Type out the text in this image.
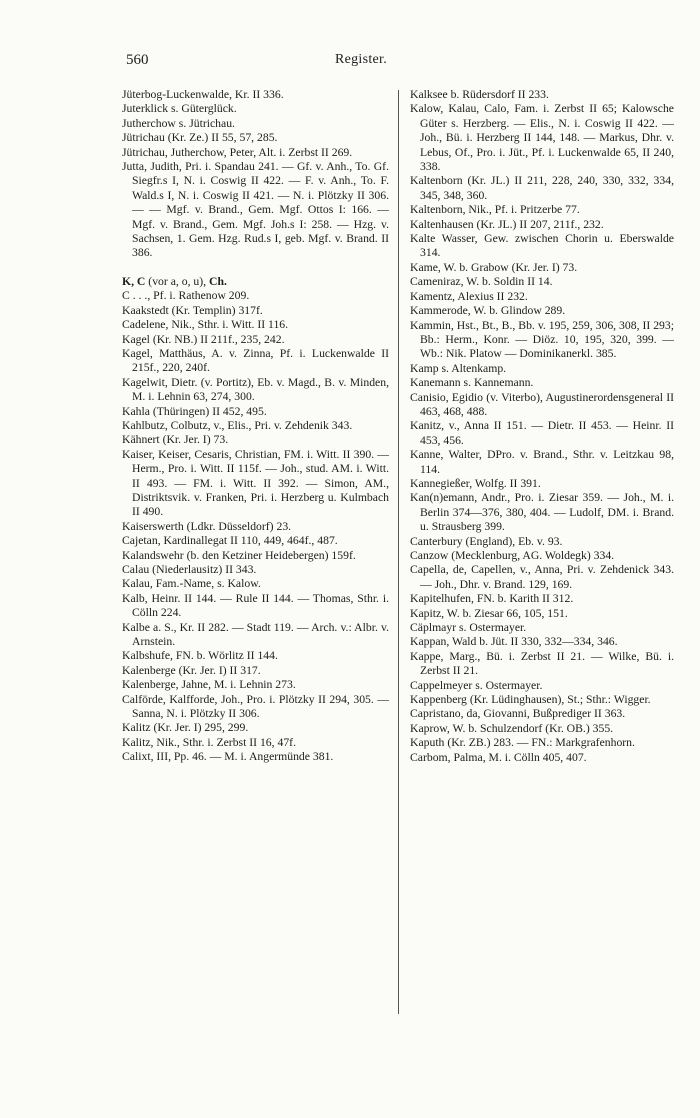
560	Register.

Jüterbog-Luckenwalde, Kr. II 336.

Juterklick s. Güterglück.

Jutherchow s. Jütrichau.

Jütrichau (Kr. Ze.) II 55, 57, 285.

Jütrichau, Jutherchow, Peter, Alt. i. Zerbst II 269.

Jutta, Judith, Pri. i. Spandau 241. — Gf. v. Anh., To. Gf. Siegfr.s I, N. i. Coswig II 422. — F. v. Anh., To. F. Wald.s I, N. i. Coswig II 421. — N. i. Plötzky II 306. — — Mgf. v. Brand., Gem. Mgf. Ottos I: 166. — Mgf. v. Brand., Gem. Mgf. Joh.s I: 258. — Hzg. v. Sachsen, 1. Gem. Hzg. Rud.s I, geb. Mgf. v. Brand. II 386.

K, C (vor a, o, u), Ch.

C . . ., Pf. i. Rathenow 209.

Kaakstedt (Kr. Templin) 317f.

Cadelene, Nik., Sthr. i. Witt. II 116.

Kagel (Kr. NB.) II 211f., 235, 242.

Kagel, Matthäus, A. v. Zinna, Pf. i. Luckenwalde II 215f., 220, 240f.

Kagelwit, Dietr. (v. Portitz), Eb. v. Magd., B. v. Minden, M. i. Lehnin 63, 274, 300.

Kahla (Thüringen) II 452, 495.

Kahlbutz, Colbutz, v., Elis., Pri. v. Zehdenik 343.

Kähnert (Kr. Jer. I) 73.

Kaiser, Keiser, Cesaris, Christian, FM. i. Witt. II 390. — Herm., Pro. i. Witt. II 115f. — Joh., stud. AM. i. Witt. II 493. — FM. i. Witt. II 392. — Simon, AM., Distriktsvik. v. Franken, Pri. i. Herzberg u. Kulmbach II 490.

Kaiserswerth (Ldkr. Düsseldorf) 23.

Cajetan, Kardinallegat II 110, 449, 464f., 487.

Kalandswehr (b. den Ketziner Heidebergen) 159f.

Calau (Niederlausitz) II 343.

Kalau, Fam.-Name, s. Kalow.

Kalb, Heinr. II 144. — Rule II 144. — Thomas, Sthr. i. Cölln 224.

Kalbe a. S., Kr. II 282. — Stadt 119. — Arch. v.: Albr. v. Arnstein.

Kalbshufe, FN. b. Wörlitz II 144.

Kalenberge (Kr. Jer. I) II 317.

Kalenberge, Jahne, M. i. Lehnin 273.

Calförde, Kalfforde, Joh., Pro. i. Plötzky II 294, 305. — Sanna, N. i. Plötzky II 306.

Kalitz (Kr. Jer. I) 295, 299.

Kalitz, Nik., Sthr. i. Zerbst II 16, 47f.

Calixt, III, Pp. 46. — M. i. Angermünde 381.

Kalksee b. Rüdersdorf II 233.

Kalow, Kalau, Calo, Fam. i. Zerbst II 65; Kalowsche Güter s. Herzberg. — Elis., N. i. Coswig II 422. — Joh., Bü. i. Herzberg II 144, 148. — Markus, Dhr. v. Lebus, Of., Pro. i. Jüt., Pf. i. Luckenwalde 65, II 240, 338.

Kaltenborn (Kr. JL.) II 211, 228, 240, 330, 332, 334, 345, 348, 360.

Kaltenborn, Nik., Pf. i. Pritzerbe 77.

Kaltenhausen (Kr. JL.) II 207, 211f., 232.

Kalte Wasser, Gew. zwischen Chorin u. Eberswalde 314.

Kame, W. b. Grabow (Kr. Jer. I) 73.

Cameniraz, W. b. Soldin II 14.

Kamentz, Alexius II 232.

Kammerode, W. b. Glindow 289.

Kammin, Hst., Bt., B., Bb. v. 195, 259, 306, 308, II 293; Bb.: Herm., Konr. — Diöz. 10, 195, 320, 399. — Wb.: Nik. Platow — Dominikanerkl. 385.

Kamp s. Altenkamp.

Kanemann s. Kannemann.

Canisio, Egidio (v. Viterbo), Augustinerordensgeneral II 463, 468, 488.

Kanitz, v., Anna II 151. — Dietr. II 453. — Heinr. II 453, 456.

Kanne, Walter, DPro. v. Brand., Sthr. v. Leitzkau 98, 114.

Kannegießer, Wolfg. II 391.

Kan(n)emann, Andr., Pro. i. Ziesar 359. — Joh., M. i. Berlin 374—376, 380, 404. — Ludolf, DM. i. Brand. u. Strausberg 399.

Canterbury (England), Eb. v. 93.

Canzow (Mecklenburg, AG. Woldegk) 334.

Capella, de, Capellen, v., Anna, Pri. v. Zehdenick 343. — Joh., Dhr. v. Brand. 129, 169.

Kapitelhufen, FN. b. Karith II 312.

Kapitz, W. b. Ziesar 66, 105, 151.

Cäplmayr s. Ostermayer.

Kappan, Wald b. Jüt. II 330, 332—334, 346.

Kappe, Marg., Bü. i. Zerbst II 21. — Wilke, Bü. i. Zerbst II 21.

Cappelmeyer s. Ostermayer.

Kappenberg (Kr. Lüdinghausen), St.; Sthr.: Wigger.

Capristano, da, Giovanni, Bußprediger II 363.

Kaprow, W. b. Schulzendorf (Kr. OB.) 355.

Kaputh (Kr. ZB.) 283. — FN.: Markgrafenhorn.

Carbom, Palma, M. i. Cölln 405, 407.
